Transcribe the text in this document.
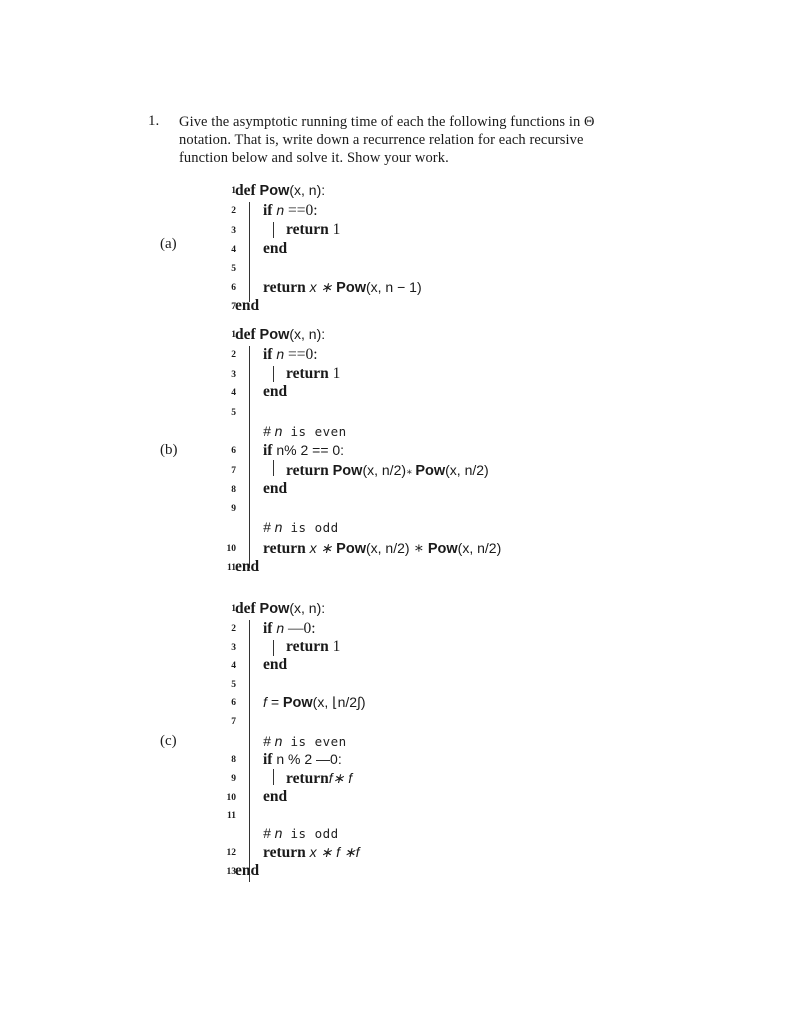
1. Give the asymptotic running time of each the following functions in Θ
notation. That is, write down a recurrence relation for each recursive
function below and solve it. Show your work.
(a)
1 def Pow(x, n):
2 if n ==0:
3	return 1
4 end
5
6 return x ∗ Pow(x, n − 1)
7 end
(b)
1 def Pow(x, n):
2 if n ==0:
3	return 1
4 end
5
# n is even
6 if n% 2 == 0:
7	return Pow(x, n/2)∗ Pow(x, n/2)
8 end
9
# n is odd
10 return x ∗ Pow(x, n/2) ∗ Pow(x, n/2)
11 end
(c)
1 def Pow(x, n):
2 if n —0:
3	return 1
4 end
5
6 f = Pow(x, ⌊n/2∫)
7
# n is even
8 if n % 2 —0:
9	returnf∗ f
10 end
11
# n is odd
12 return x ∗ f ∗f
13 end
